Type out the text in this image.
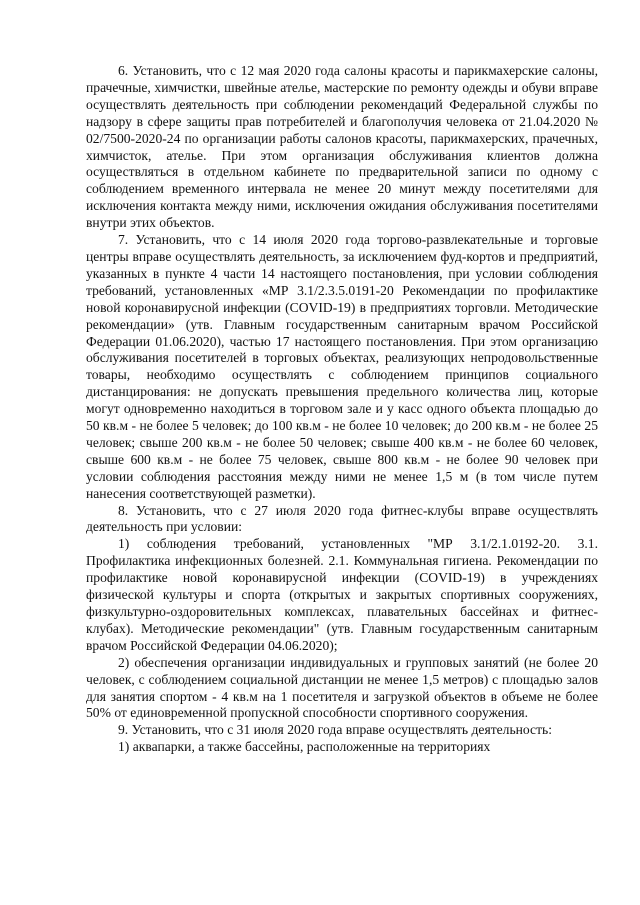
6. Установить, что с 12 мая 2020 года салоны красоты и парикмахерские салоны, прачечные, химчистки, швейные ателье, мастерские по ремонту одежды и обуви вправе осуществлять деятельность при соблюдении рекомендаций Федеральной службы по надзору в сфере защиты прав потребителей и благополучия человека от 21.04.2020 № 02/7500-2020-24 по организации работы салонов красоты, парикмахерских, прачечных, химчисток, ателье. При этом организация обслуживания клиентов должна осуществляться в отдельном кабинете по предварительной записи по одному с соблюдением временного интервала не менее 20 минут между посетителями для исключения контакта между ними, исключения ожидания обслуживания посетителями внутри этих объектов.

7. Установить, что с 14 июля 2020 года торгово-развлекательные и торговые центры вправе осуществлять деятельность, за исключением фуд-кортов и предприятий, указанных в пункте 4 части 14 настоящего постановления, при условии соблюдения требований, установленных «МР 3.1/2.3.5.0191-20 Рекомендации по профилактике новой коронавирусной инфекции (COVID-19) в предприятиях торговли. Методические рекомендации» (утв. Главным государственным санитарным врачом Российской Федерации 01.06.2020), частью 17 настоящего постановления. При этом организацию обслуживания посетителей в торговых объектах, реализующих непродовольственные товары, необходимо осуществлять с соблюдением принципов социального дистанцирования: не допускать превышения предельного количества лиц, которые могут одновременно находиться в торговом зале и у касс одного объекта площадью до 50 кв.м - не более 5 человек; до 100 кв.м - не более 10 человек; до 200 кв.м - не более 25 человек; свыше 200 кв.м - не более 50 человек; свыше 400 кв.м - не более 60 человек, свыше 600 кв.м - не более 75 человек, свыше 800 кв.м - не более 90 человек при условии соблюдения расстояния между ними не менее 1,5 м (в том числе путем нанесения соответствующей разметки).

8. Установить, что с 27 июля 2020 года фитнес-клубы вправе осуществлять деятельность при условии:

1) соблюдения требований, установленных "МР 3.1/2.1.0192-20. 3.1. Профилактика инфекционных болезней. 2.1. Коммунальная гигиена. Рекомендации по профилактике новой коронавирусной инфекции (COVID-19) в учреждениях физической культуры и спорта (открытых и закрытых спортивных сооружениях, физкультурно-оздоровительных комплексах, плавательных бассейнах и фитнес-клубах). Методические рекомендации" (утв. Главным государственным санитарным врачом Российской Федерации 04.06.2020);

2) обеспечения организации индивидуальных и групповых занятий (не более 20 человек, с соблюдением социальной дистанции не менее 1,5 метров) с площадью залов для занятия спортом - 4 кв.м на 1 посетителя и загрузкой объектов в объеме не более 50% от единовременной пропускной способности спортивного сооружения.

9. Установить, что с 31 июля 2020 года вправе осуществлять деятельность:

1) аквапарки, а также бассейны, расположенные на территориях
